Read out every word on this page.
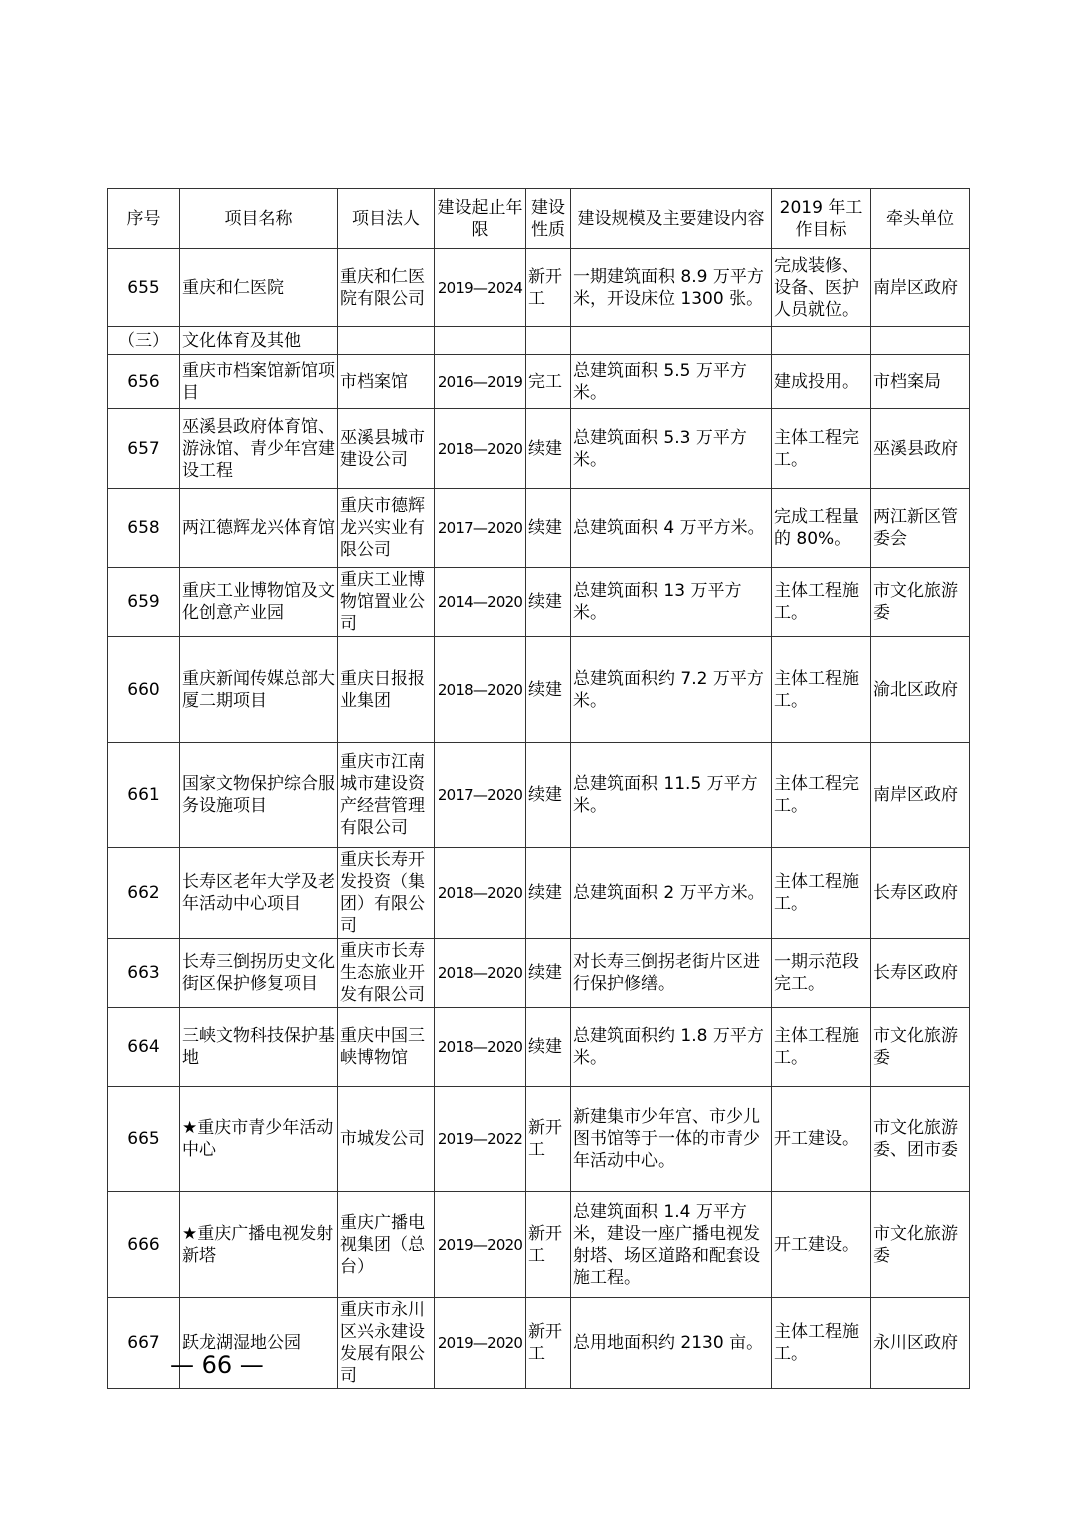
序号	项目名称	项目法人	建设起止年限	建设性质	建设规模及主要建设内容	2019 年工作目标	牵头单位
655	重庆和仁医院	重庆和仁医院有限公司	2019—2024	新开工	一期建筑面积 8.9 万平方米，开设床位 1300 张。	完成装修、设备、医护人员就位。	南岸区政府
（三）	文化体育及其他						
656	重庆市档案馆新馆项目	市档案馆	2016—2019	完工	总建筑面积 5.5 万平方米。	建成投用。	市档案局
657	巫溪县政府体育馆、游泳馆、青少年宫建设工程	巫溪县城市建设公司	2018—2020	续建	总建筑面积 5.3 万平方米。	主体工程完工。	巫溪县政府
658	两江德辉龙兴体育馆	重庆市德辉龙兴实业有限公司	2017—2020	续建	总建筑面积 4 万平方米。	完成工程量的 80%。	两江新区管委会
659	重庆工业博物馆及文化创意产业园	重庆工业博物馆置业公司	2014—2020	续建	总建筑面积 13 万平方米。	主体工程施工。	市文化旅游委
660	重庆新闻传媒总部大厦二期项目	重庆日报报业集团	2018—2020	续建	总建筑面积约 7.2 万平方米。	主体工程施工。	渝北区政府
661	国家文物保护综合服务设施项目	重庆市江南城市建设资产经营管理有限公司	2017—2020	续建	总建筑面积 11.5 万平方米。	主体工程完工。	南岸区政府
662	长寿区老年大学及老年活动中心项目	重庆长寿开发投资（集团）有限公司	2018—2020	续建	总建筑面积 2 万平方米。	主体工程施工。	长寿区政府
663	长寿三倒拐历史文化街区保护修复项目	重庆市长寿生态旅业开发有限公司	2018—2020	续建	对长寿三倒拐老街片区进行保护修缮。	一期示范段完工。	长寿区政府
664	三峡文物科技保护基地	重庆中国三峡博物馆	2018—2020	续建	总建筑面积约 1.8 万平方米。	主体工程施工。	市文化旅游委
665	★重庆市青少年活动中心	市城发公司	2019—2022	新开工	新建集市少年宫、市少儿图书馆等于一体的市青少年活动中心。	开工建设。	市文化旅游委、团市委
666	★重庆广播电视发射新塔	重庆广播电视集团（总台）	2019—2020	新开工	总建筑面积 1.4 万平方米，建设一座广播电视发射塔、场区道路和配套设施工程。	开工建设。	市文化旅游委
667	跃龙湖湿地公园	重庆市永川区兴永建设发展有限公司	2019—2020	新开工	总用地面积约 2130 亩。	主体工程施工。	永川区政府
— 66 —
